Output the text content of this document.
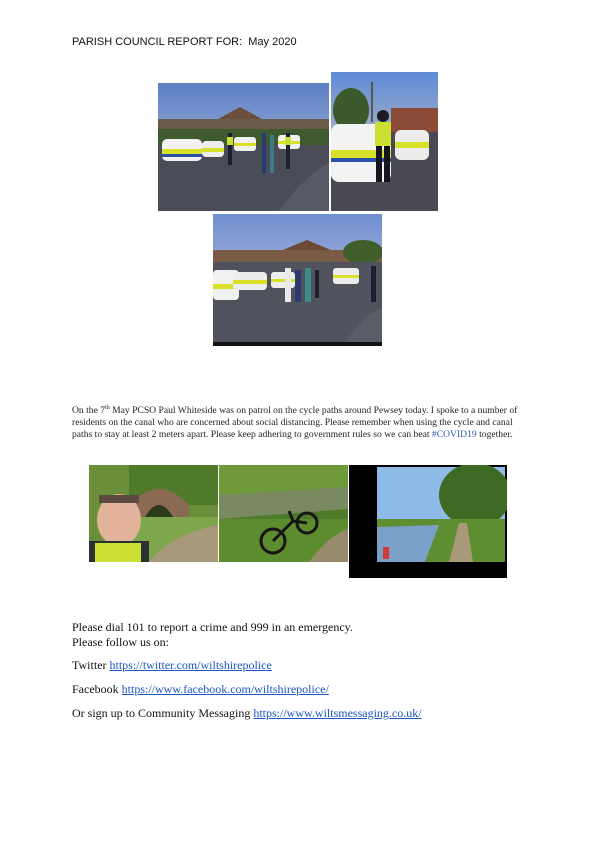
PARISH COUNCIL REPORT FOR: May 2020
On the 7th May PCSO Paul Whiteside was on patrol on the cycle paths around Pewsey today. I spoke to a number of residents on the canal who are concerned about social distancing. Please remember when using the cycle and canal paths to stay at least 2 meters apart. Please keep adhering to government rules so we can beat #COVID19 together.
Please dial 101 to report a crime and 999 in an emergency.
Please follow us on:
Twitter https://twitter.com/wiltshirepolice
Facebook https://www.facebook.com/wiltshirepolice/
Or sign up to Community Messaging https://www.wiltsmessaging.co.uk/
